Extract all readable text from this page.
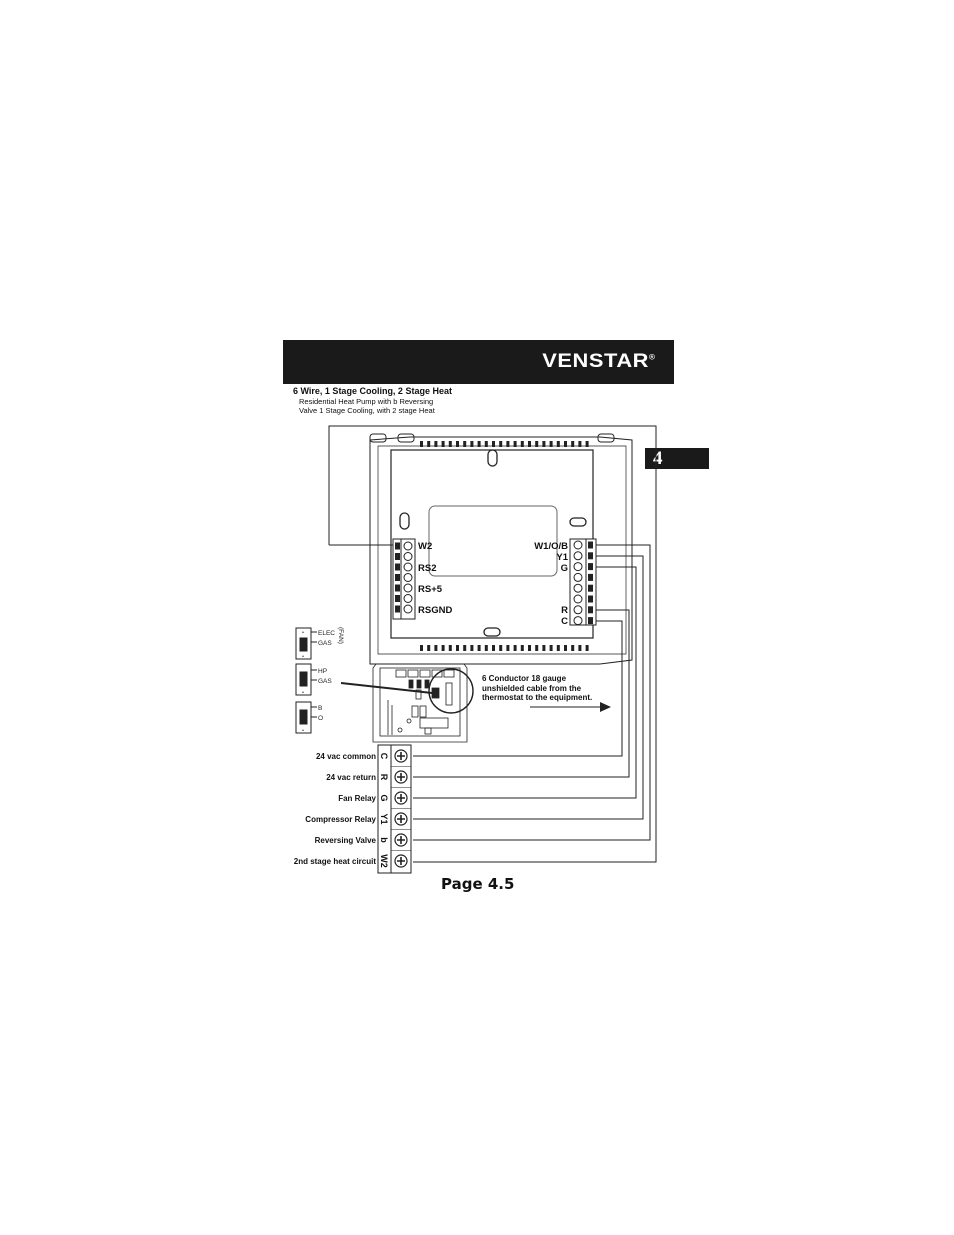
VENSTAR®
4
6 Wire, 1 Stage Cooling, 2 Stage Heat
Residential Heat Pump with b Reversing
Valve 1 Stage Cooling, with 2 stage Heat
W2
RS2
RS+5
RSGND
W1/O/B
Y1
G
R
C
•
•
•
•
ELEC
GAS (FAN)
HP
GAS
B
O
6 Conductor 18 gauge
unshielded cable from the
thermostat to the equipment.
C
24 vac common
R
24 vac return
G
Fan Relay
Y1
Compressor Relay
b
Reversing Valve
W2
2nd stage heat circuit
Page 4.5
